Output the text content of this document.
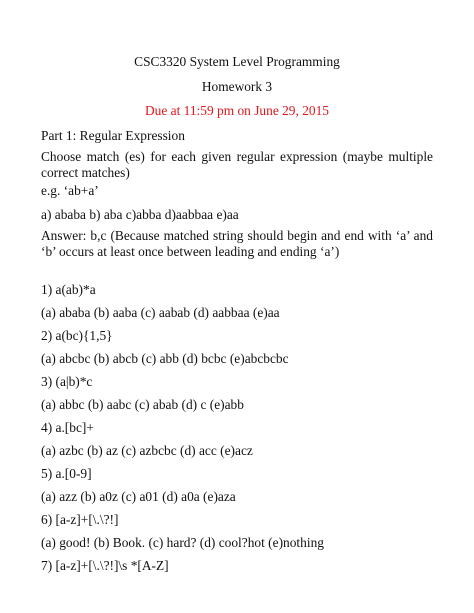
CSC3320 System Level Programming
Homework 3
Due at 11:59 pm on June 29, 2015
Part 1: Regular Expression
Choose match (es) for each given regular expression (maybe multiple correct matches)
e.g. ‘ab+a’
a) ababa b) aba c)abba d)aabbaa e)aa
Answer: b,c (Because matched string should begin and end with ‘a’ and ‘b’ occurs at least once between leading and ending ‘a’)
1) a(ab)*a
(a) ababa (b) aaba (c) aabab (d) aabbaa (e)aa
2) a(bc){1,5}
(a) abcbc (b) abcb (c) abb (d) bcbc (e)abcbcbc
3) (a|b)*c
(a) abbc (b) aabc (c) abab (d) c (e)abb
4) a.[bc]+
(a) azbc (b) az (c) azbcbc (d) acc (e)acz
5) a.[0-9]
(a) azz (b) a0z (c) a01 (d) a0a (e)aza
6) [a-z]+[\.\?!]
(a) good! (b) Book. (c) hard? (d) cool?hot (e)nothing
7) [a-z]+[\.\?!]\s *[A-Z]
